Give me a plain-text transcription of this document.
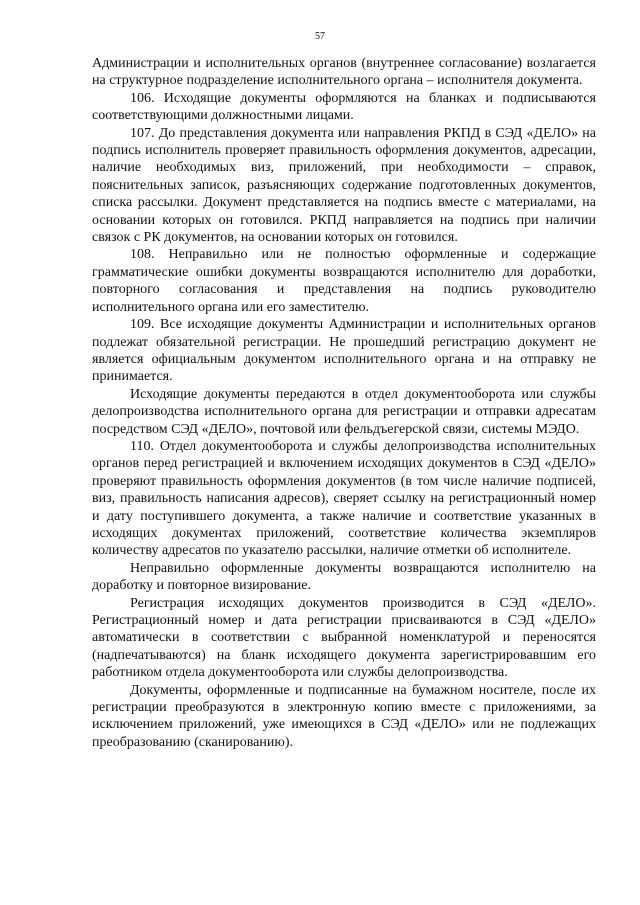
57

Администрации и исполнительных органов (внутреннее согласование) возлагается на структурное подразделение исполнительного органа – исполнителя документа.

106. Исходящие документы оформляются на бланках и подписываются соответствующими должностными лицами.

107. До представления документа или направления РКПД в СЭД «ДЕЛО» на подпись исполнитель проверяет правильность оформления документов, адресации, наличие необходимых виз, приложений, при необходимости – справок, пояснительных записок, разъясняющих содержание подготовленных документов, списка рассылки. Документ представляется на подпись вместе с материалами, на основании которых он готовился. РКПД направляется на подпись при наличии связок с РК документов, на основании которых он готовился.

108. Неправильно или не полностью оформленные и содержащие грамматические ошибки документы возвращаются исполнителю для доработки, повторного согласования и представления на подпись руководителю исполнительного органа или его заместителю.

109. Все исходящие документы Администрации и исполнительных органов подлежат обязательной регистрации. Не прошедший регистрацию документ не является официальным документом исполнительного органа и на отправку не принимается.

Исходящие документы передаются в отдел документооборота или службы делопроизводства исполнительного органа для регистрации и отправки адресатам посредством СЭД «ДЕЛО», почтовой или фельдъегерской связи, системы МЭДО.

110. Отдел документооборота и службы делопроизводства исполнительных органов перед регистрацией и включением исходящих документов в СЭД «ДЕЛО» проверяют правильность оформления документов (в том числе наличие подписей, виз, правильность написания адресов), сверяет ссылку на регистрационный номер и дату поступившего документа, а также наличие и соответствие указанных в исходящих документах приложений, соответствие количества экземпляров количеству адресатов по указателю рассылки, наличие отметки об исполнителе.

Неправильно оформленные документы возвращаются исполнителю на доработку и повторное визирование.

Регистрация исходящих документов производится в СЭД «ДЕЛО». Регистрационный номер и дата регистрации присваиваются в СЭД «ДЕЛО» автоматически в соответствии с выбранной номенклатурой и переносятся (надпечатываются) на бланк исходящего документа зарегистрировавшим его работником отдела документооборота или службы делопроизводства.

Документы, оформленные и подписанные на бумажном носителе, после их регистрации преобразуются в электронную копию вместе с приложениями, за исключением приложений, уже имеющихся в СЭД «ДЕЛО» или не подлежащих преобразованию (сканированию).
